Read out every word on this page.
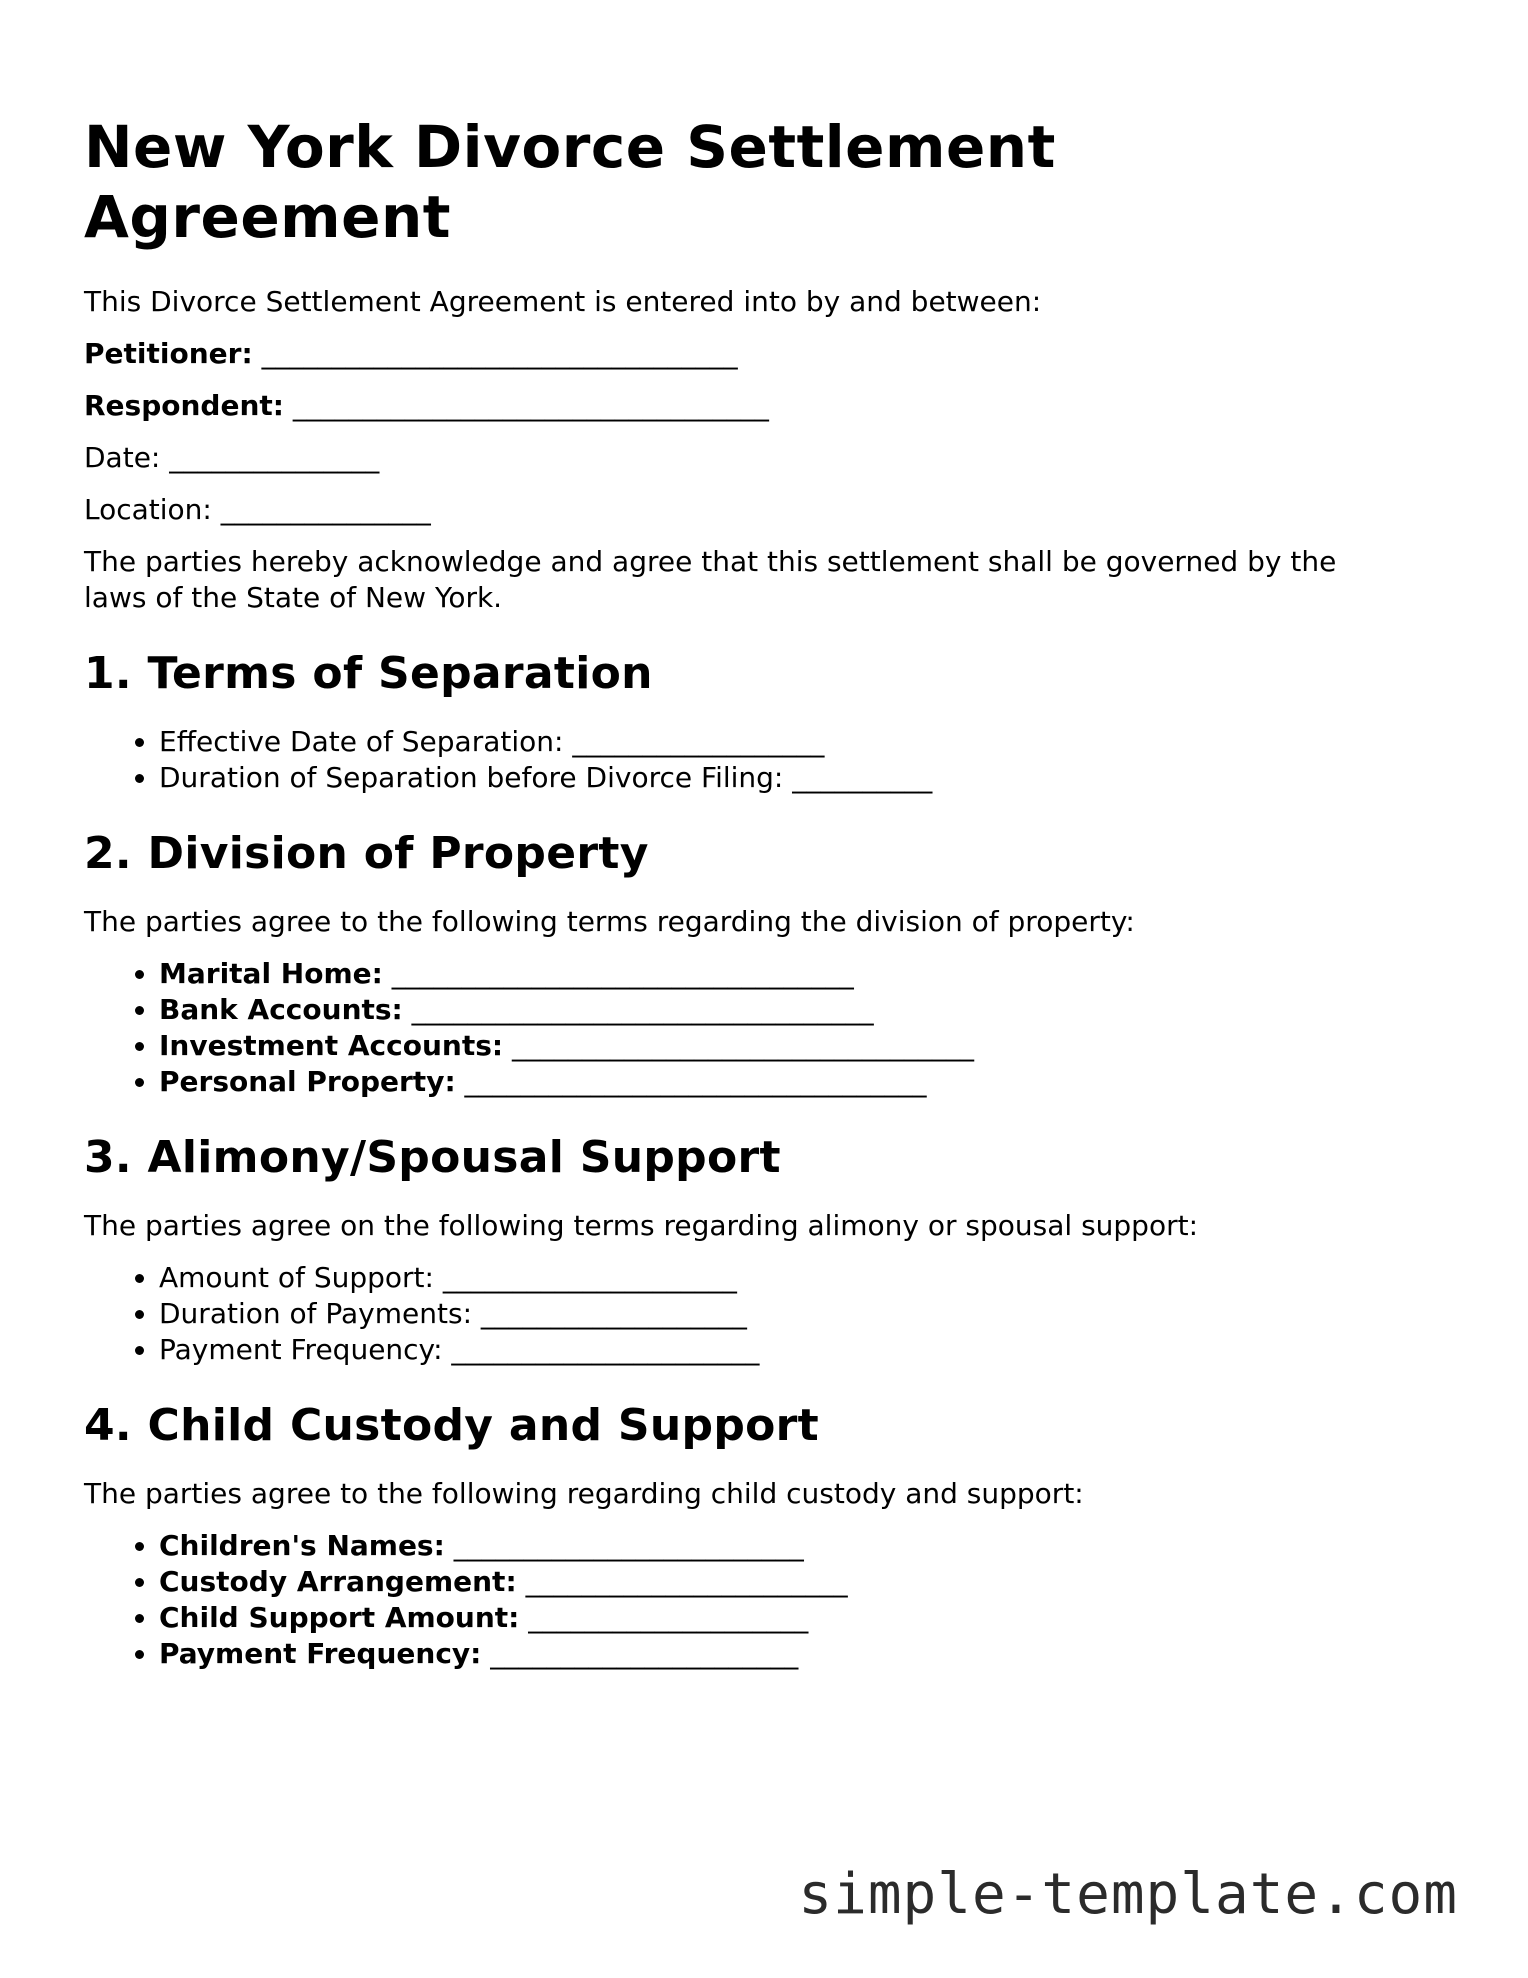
New York Divorce Settlement
Agreement

This Divorce Settlement Agreement is entered into by and between:

Petitioner: __________________________________

Respondent: __________________________________

Date: _______________

Location: _______________

The parties hereby acknowledge and agree that this settlement shall be governed by the
laws of the State of New York.

1. Terms of Separation
• Effective Date of Separation: __________________
• Duration of Separation before Divorce Filing: __________
2. Division of Property

The parties agree to the following terms regarding the division of property:

• Marital Home: _________________________________
• Bank Accounts: _________________________________
• Investment Accounts: _________________________________
• Personal Property: _________________________________
3. Alimony/Spousal Support

The parties agree on the following terms regarding alimony or spousal support:

• Amount of Support: _____________________
• Duration of Payments: ___________________
• Payment Frequency: ______________________
4. Child Custody and Support

The parties agree to the following regarding child custody and support:

• Children's Names: _________________________
• Custody Arrangement: _______________________
• Child Support Amount: ____________________
• Payment Frequency: ______________________
simple-template.com
